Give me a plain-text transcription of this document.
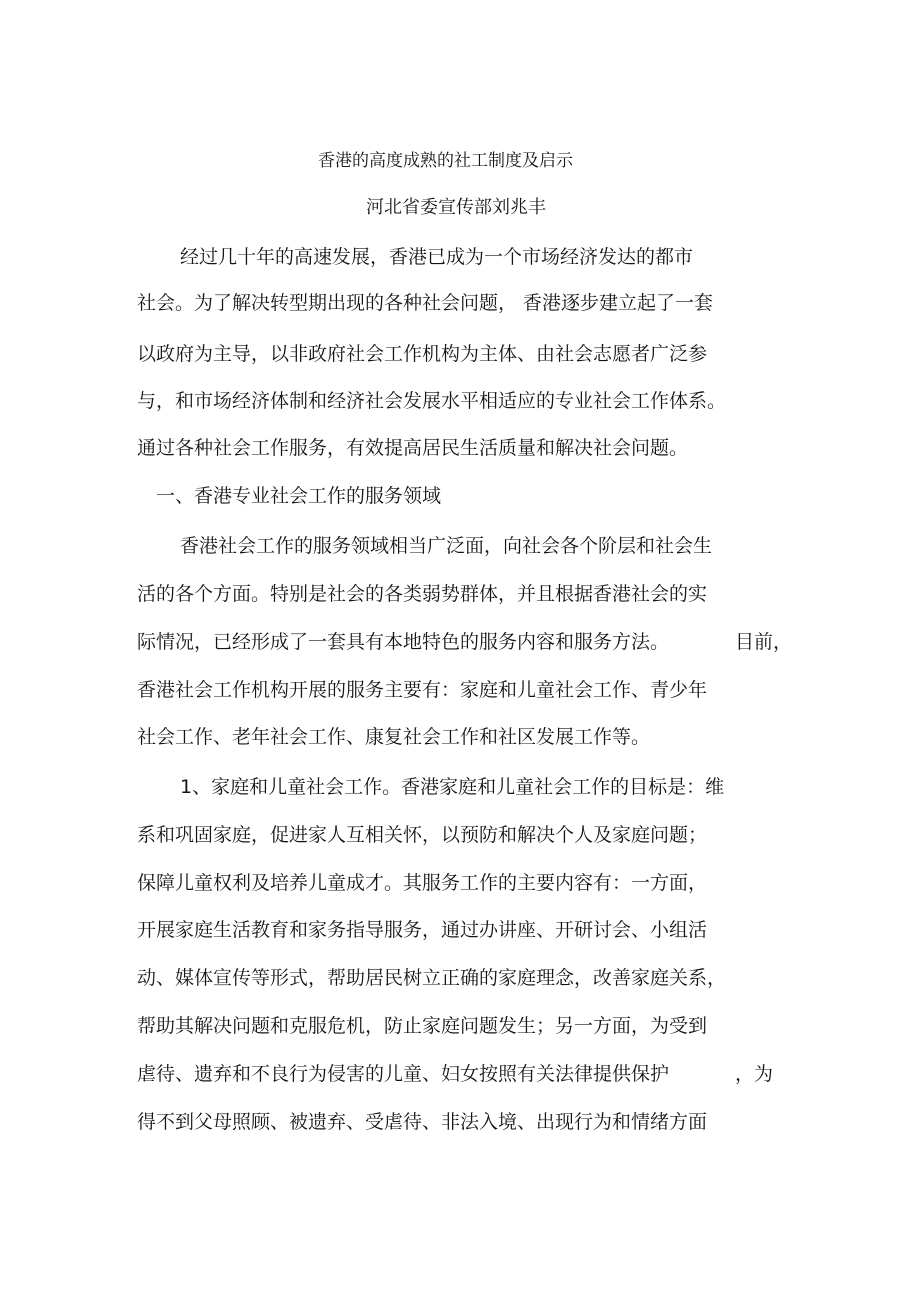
香港的高度成熟的社工制度及启示
河北省委宣传部刘兆丰
经过几十年的高速发展，香港已成为一个市场经济发达的都市
社会。为了解决转型期出现的各种社会问题， 香港逐步建立起了一套
以政府为主导，以非政府社会工作机构为主体、由社会志愿者广泛参
与，和市场经济体制和经济社会发展水平相适应的专业社会工作体系。
通过各种社会工作服务，有效提高居民生活质量和解决社会问题。
一、香港专业社会工作的服务领域
香港社会工作的服务领域相当广泛面，向社会各个阶层和社会生
活的各个方面。特别是社会的各类弱势群体，并且根据香港社会的实
际情况，已经形成了一套具有本地特色的服务内容和服务方法。	目前，
香港社会工作机构开展的服务主要有：家庭和儿童社会工作、青少年
社会工作、老年社会工作、康复社会工作和社区发展工作等。
1、家庭和儿童社会工作。香港家庭和儿童社会工作的目标是：维
系和巩固家庭，促进家人互相关怀，以预防和解决个人及家庭问题；
保障儿童权利及培养儿童成才。其服务工作的主要内容有：一方面，
开展家庭生活教育和家务指导服务，通过办讲座、开研讨会、小组活
动、媒体宣传等形式，帮助居民树立正确的家庭理念，改善家庭关系，
帮助其解决问题和克服危机，防止家庭问题发生；另一方面，为受到
虐待、遗弃和不良行为侵害的儿童、妇女按照有关法律提供保护	，为
得不到父母照顾、被遗弃、受虐待、非法入境、出现行为和情绪方面
